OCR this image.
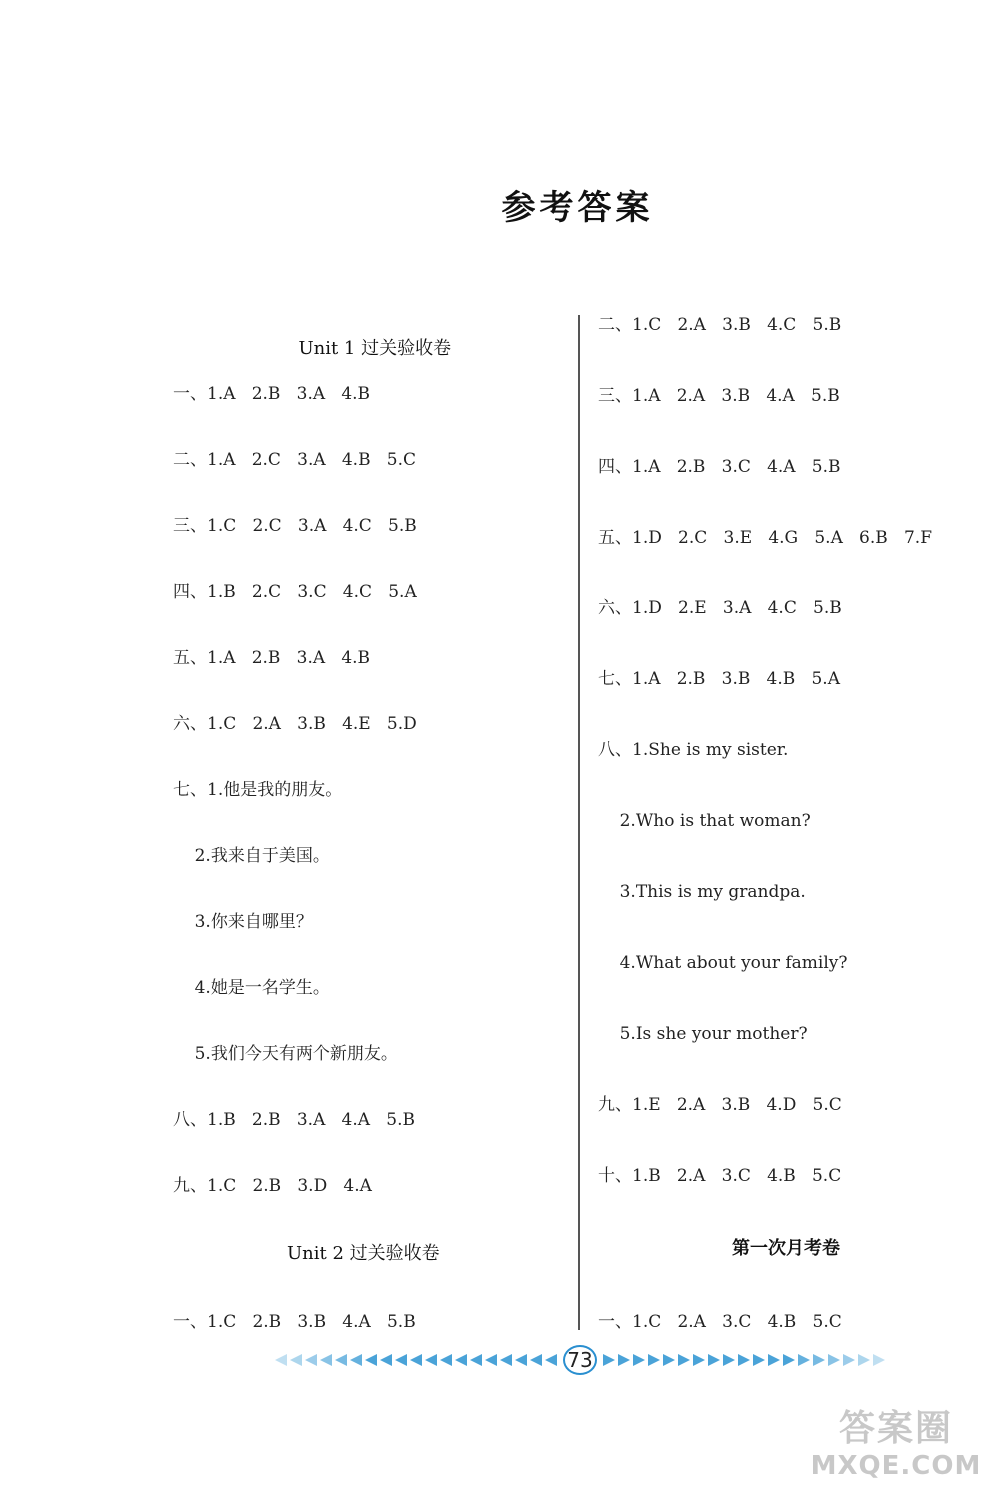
参考答案

Unit 1 过关验收卷

一、1.A   2.B   3.A   4.B
二、1.A   2.C   3.A   4.B   5.C
三、1.C   2.C   3.A   4.C   5.B
四、1.B   2.C   3.C   4.C   5.A
五、1.A   2.B   3.A   4.B
六、1.C   2.A   3.B   4.E   5.D
七、1.他是我的朋友。
2.我来自于美国。
3.你来自哪里？
4.她是一名学生。
5.我们今天有两个新朋友。
八、1.B   2.B   3.A   4.A   5.B
九、1.C   2.B   3.D   4.A
Unit 2 过关验收卷
一、1.C   2.B   3.B   4.A   5.B
二、1.C   2.A   3.B   4.C   5.B
三、1.A   2.A   3.B   4.A   5.B
四、1.A   2.B   3.C   4.A   5.B
五、1.D   2.C   3.E   4.G   5.A   6.B   7.F
六、1.D   2.E   3.A   4.C   5.B
七、1.A   2.B   3.B   4.B   5.A
八、1.She is my sister.
2.Who is that woman?
3.This is my grandpa.
4.What about your family?
5.Is she your mother?
九、1.E   2.A   3.B   4.D   5.C
十、1.B   2.A   3.C   4.B   5.C
第一次月考卷
一、1.C   2.A   3.C   4.B   5.C
73
答案圈
MXQE.COM
